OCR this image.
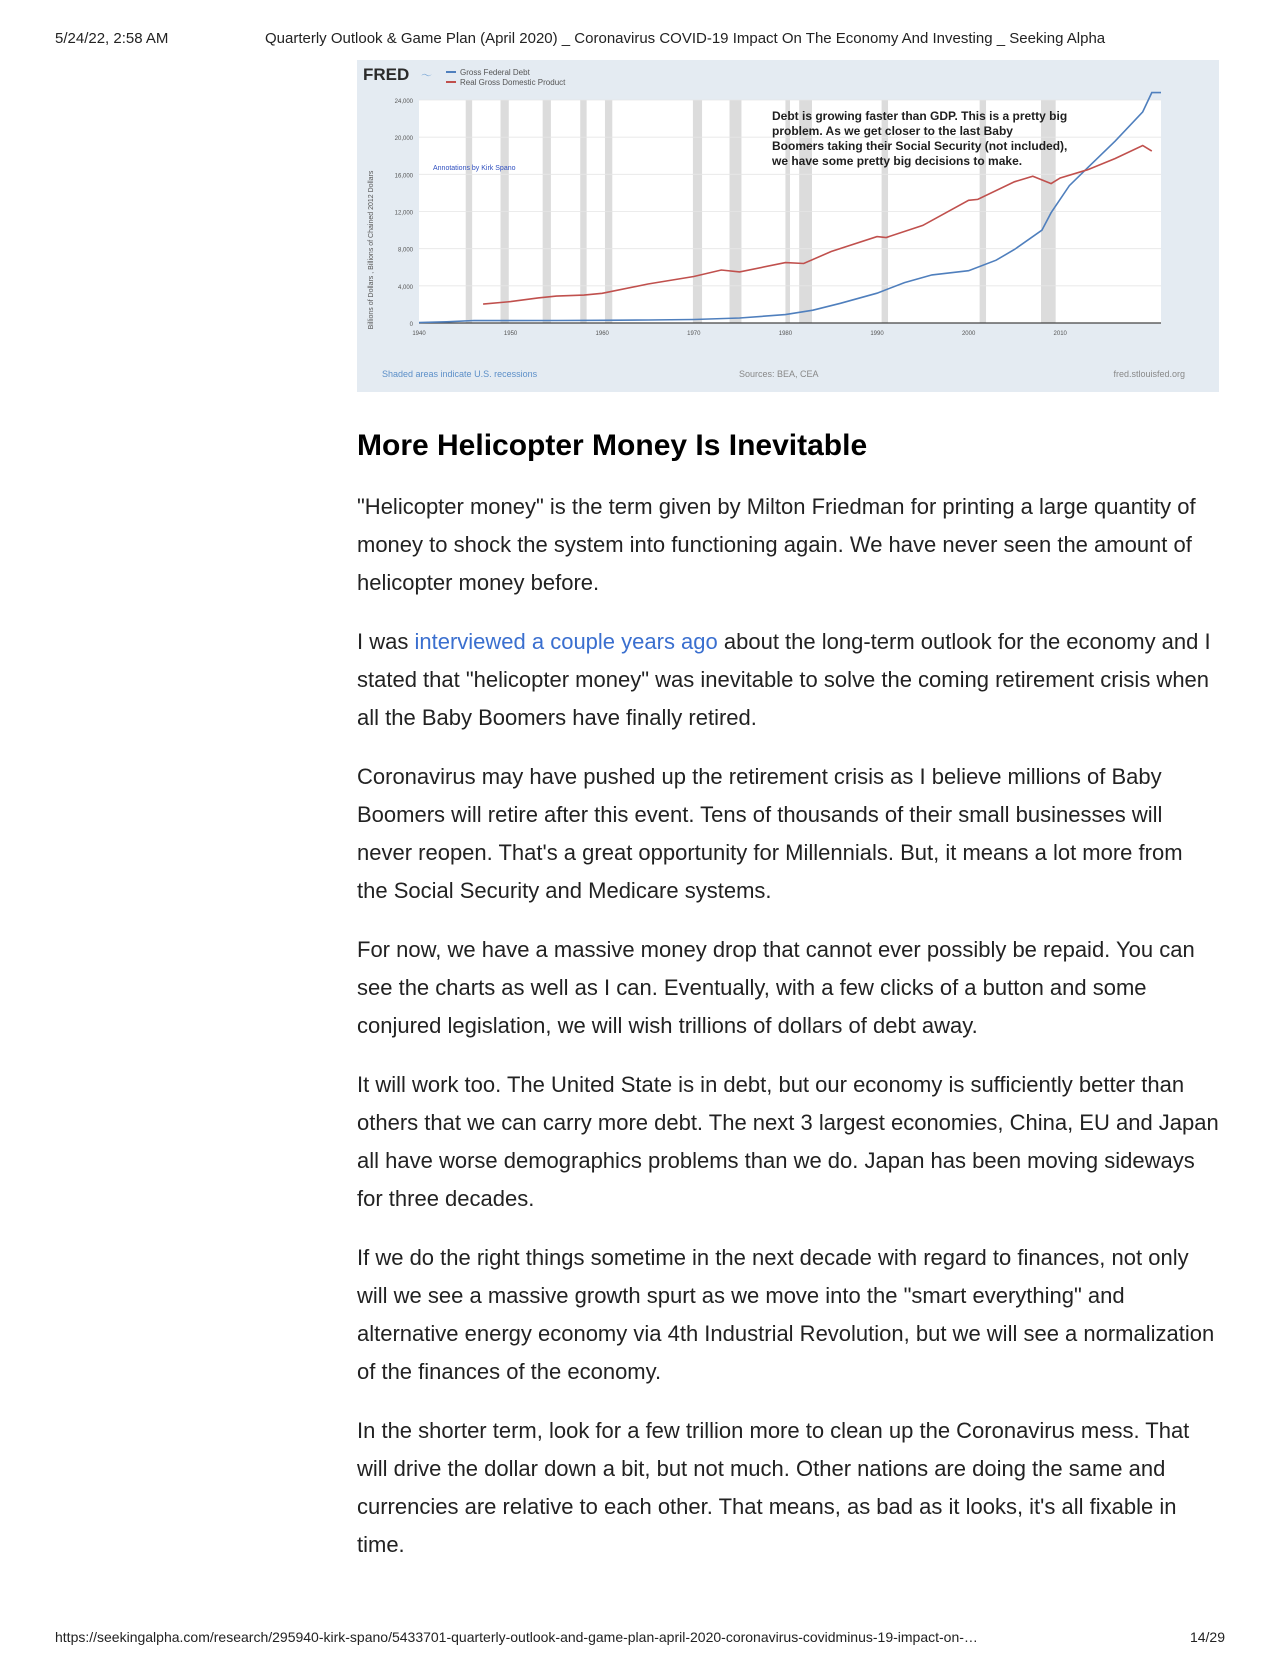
5/24/22, 2:58 AM	Quarterly Outlook & Game Plan (April 2020) _ Coronavirus COVID-19 Impact On The Economy And Investing _ Seeking Alpha
0
4,000
8,000
12,000
16,000
20,000
24,000
1940	1950	1960	1970	1980	1990	2000	2010
FRED 〜	Gross Federal Debt
Real Gross Domestic Product
Billions of Dollars , Billions of Chained 2012 Dollars
Annotations by Kirk Spano
Debt is growing faster than GDP. This is a pretty big problem. As we get closer to the last Baby Boomers taking their Social Security (not included), we have some pretty big decisions to make.
Shaded areas indicate U.S. recessions	Sources: BEA, CEA	fred.stlouisfed.org
More Helicopter Money Is Inevitable

"Helicopter money" is the term given by Milton Friedman for printing a large quantity of money to shock the system into functioning again. We have never seen the amount of helicopter money before.

I was interviewed a couple years ago about the long-term outlook for the economy and I stated that "helicopter money" was inevitable to solve the coming retirement crisis when all the Baby Boomers have finally retired.

Coronavirus may have pushed up the retirement crisis as I believe millions of Baby Boomers will retire after this event. Tens of thousands of their small businesses will never reopen. That's a great opportunity for Millennials. But, it means a lot more from the Social Security and Medicare systems.

For now, we have a massive money drop that cannot ever possibly be repaid. You can see the charts as well as I can. Eventually, with a few clicks of a button and some conjured legislation, we will wish trillions of dollars of debt away.

It will work too. The United State is in debt, but our economy is sufficiently better than others that we can carry more debt. The next 3 largest economies, China, EU and Japan all have worse demographics problems than we do. Japan has been moving sideways for three decades.

If we do the right things sometime in the next decade with regard to finances, not only will we see a massive growth spurt as we move into the "smart everything" and alternative energy economy via 4th Industrial Revolution, but we will see a normalization of the finances of the economy.

In the shorter term, look for a few trillion more to clean up the Coronavirus mess. That will drive the dollar down a bit, but not much. Other nations are doing the same and currencies are relative to each other. That means, as bad as it looks, it's all fixable in time.

https://seekingalpha.com/research/295940-kirk-spano/5433701-quarterly-outlook-and-game-plan-april-2020-coronavirus-covidminus-19-impact-on-…	14/29
